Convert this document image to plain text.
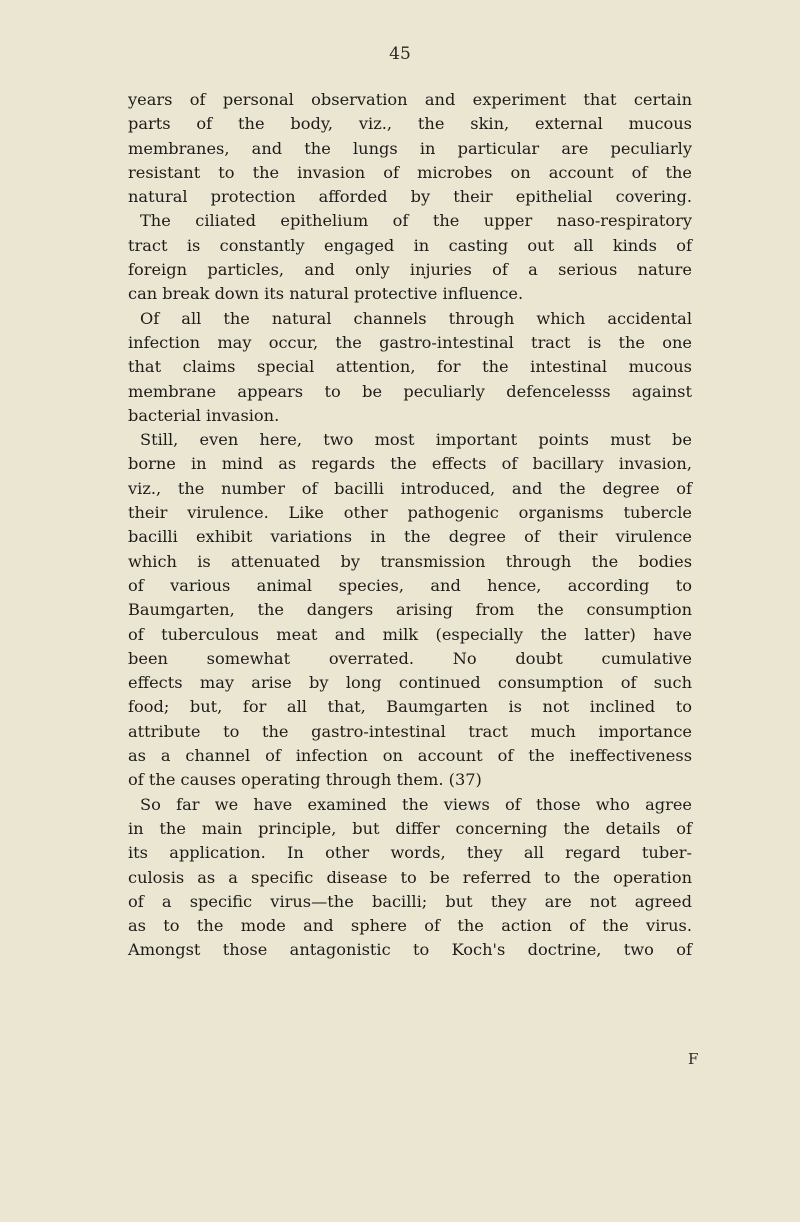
45
years of personal observation and experiment that certain
parts of the body, viz., the skin, external mucous
membranes, and the lungs in particular are peculiarly
resistant to the invasion of microbes on account of the
natural protection afforded by their epithelial covering.
The ciliated epithelium of the upper naso-respiratory
tract is constantly engaged in casting out all kinds of
foreign particles, and only injuries of a serious nature
can break down its natural protective influence.
Of all the natural channels through which accidental
infection may occur, the gastro-intestinal tract is the one
that claims special attention, for the intestinal mucous
membrane appears to be peculiarly defencelesss against
bacterial invasion.
Still, even here, two most important points must be
borne in mind as regards the effects of bacillary invasion,
viz., the number of bacilli introduced, and the degree of
their virulence. Like other pathogenic organisms tubercle
bacilli exhibit variations in the degree of their virulence
which is attenuated by transmission through the bodies
of various animal species, and hence, according to
Baumgarten, the dangers arising from the consumption
of tuberculous meat and milk (especially the latter) have
been somewhat overrated. No doubt cumulative
effects may arise by long continued consumption of such
food; but, for all that, Baumgarten is not inclined to
attribute to the gastro-intestinal tract much importance
as a channel of infection on account of the ineffectiveness
of the causes operating through them. (37)
So far we have examined the views of those who agree
in the main principle, but differ concerning the details of
its application. In other words, they all regard tuber-
culosis as a specific disease to be referred to the operation
of a specific virus—the bacilli; but they are not agreed
as to the mode and sphere of the action of the virus.
Amongst those antagonistic to Koch's doctrine, two of
F
